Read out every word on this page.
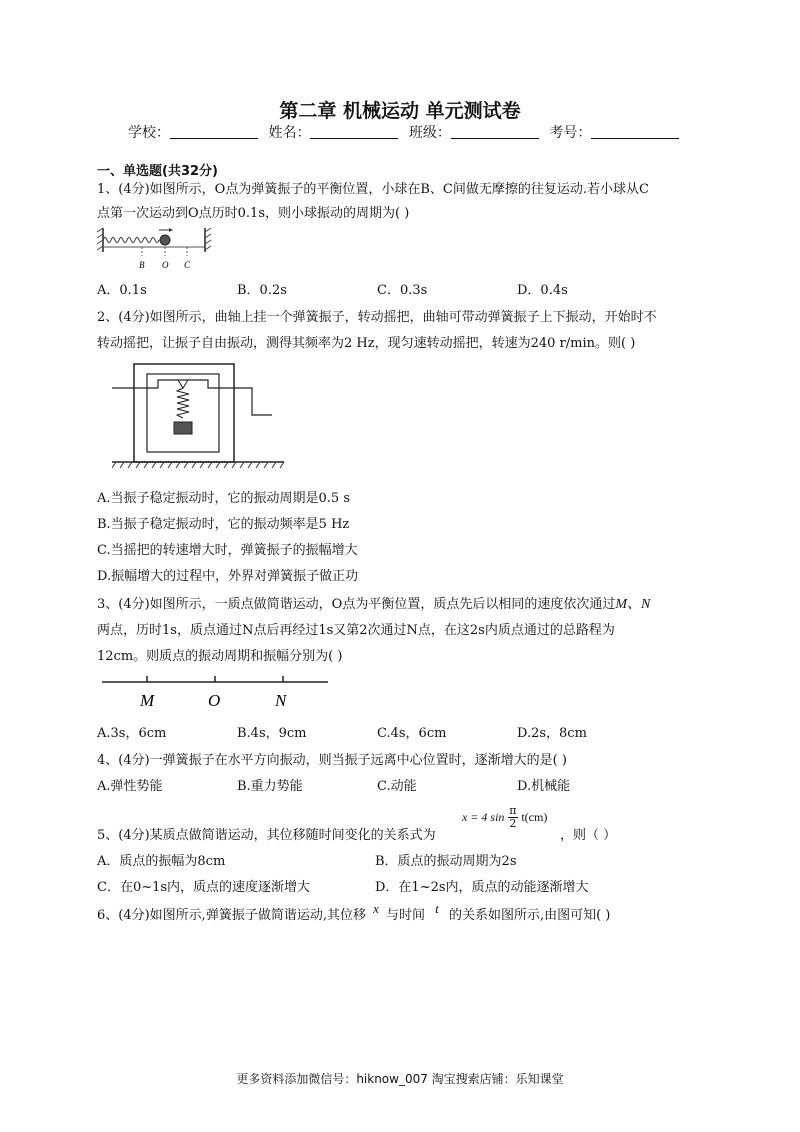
第二章 机械运动 单元测试卷
学校：	姓名：	班级：	考号：
一、单选题(共32分)
1、(4分)如图所示，O点为弹簧振子的平衡位置，小球在B、C间做无摩擦的往复运动.若小球从C
点第一次运动到O点历时0.1s，则小球振动的周期为( )
B O C
A．0.1s	B．0.2s	C．0.3s	D．0.4s
2、(4分)如图所示，曲轴上挂一个弹簧振子，转动摇把，曲轴可带动弹簧振子上下振动，开始时不
转动摇把，让振子自由振动，测得其频率为2 Hz，现匀速转动摇把，转速为240 r/min。则( )
A.当振子稳定振动时，它的振动周期是0.5 s
B.当振子稳定振动时，它的振动频率是5 Hz
C.当摇把的转速增大时，弹簧振子的振幅增大
D.振幅增大的过程中，外界对弹簧振子做正功
3、(4分)如图所示，一质点做简谐运动，O点为平衡位置，质点先后以相同的速度依次通过M、N
两点，历时1s，质点通过N点后再经过1s又第2次通过N点，在这2s内质点通过的总路程为
12cm。则质点的振动周期和振幅分别为( )
M	O	N
A.3s，6cm	B.4s，9cm	C.4s，6cm	D.2s，8cm
4、(4分)一弹簧振子在水平方向振动，则当振子远离中心位置时，逐渐增大的是( )
A.弹性势能	B.重力势能	C.动能	D.机械能
5、(4分)某质点做简谐运动，其位移随时间变化的关系式为
x = 4 $\sin \frac{\pi}{2} t(cm)$
，则（ ）
A．质点的振幅为8cm	B．质点的振动周期为2s
C．在0~1s内，质点的速度逐渐增大	D．在1~2s内，质点的动能逐渐增大
6、(4分)如图所示,弹簧振子做简谐运动,其位移 x 与时间 t 的关系如图所示,由图可知( )
更多资料添加微信号：hiknow_007 淘宝搜索店铺：乐知课堂
